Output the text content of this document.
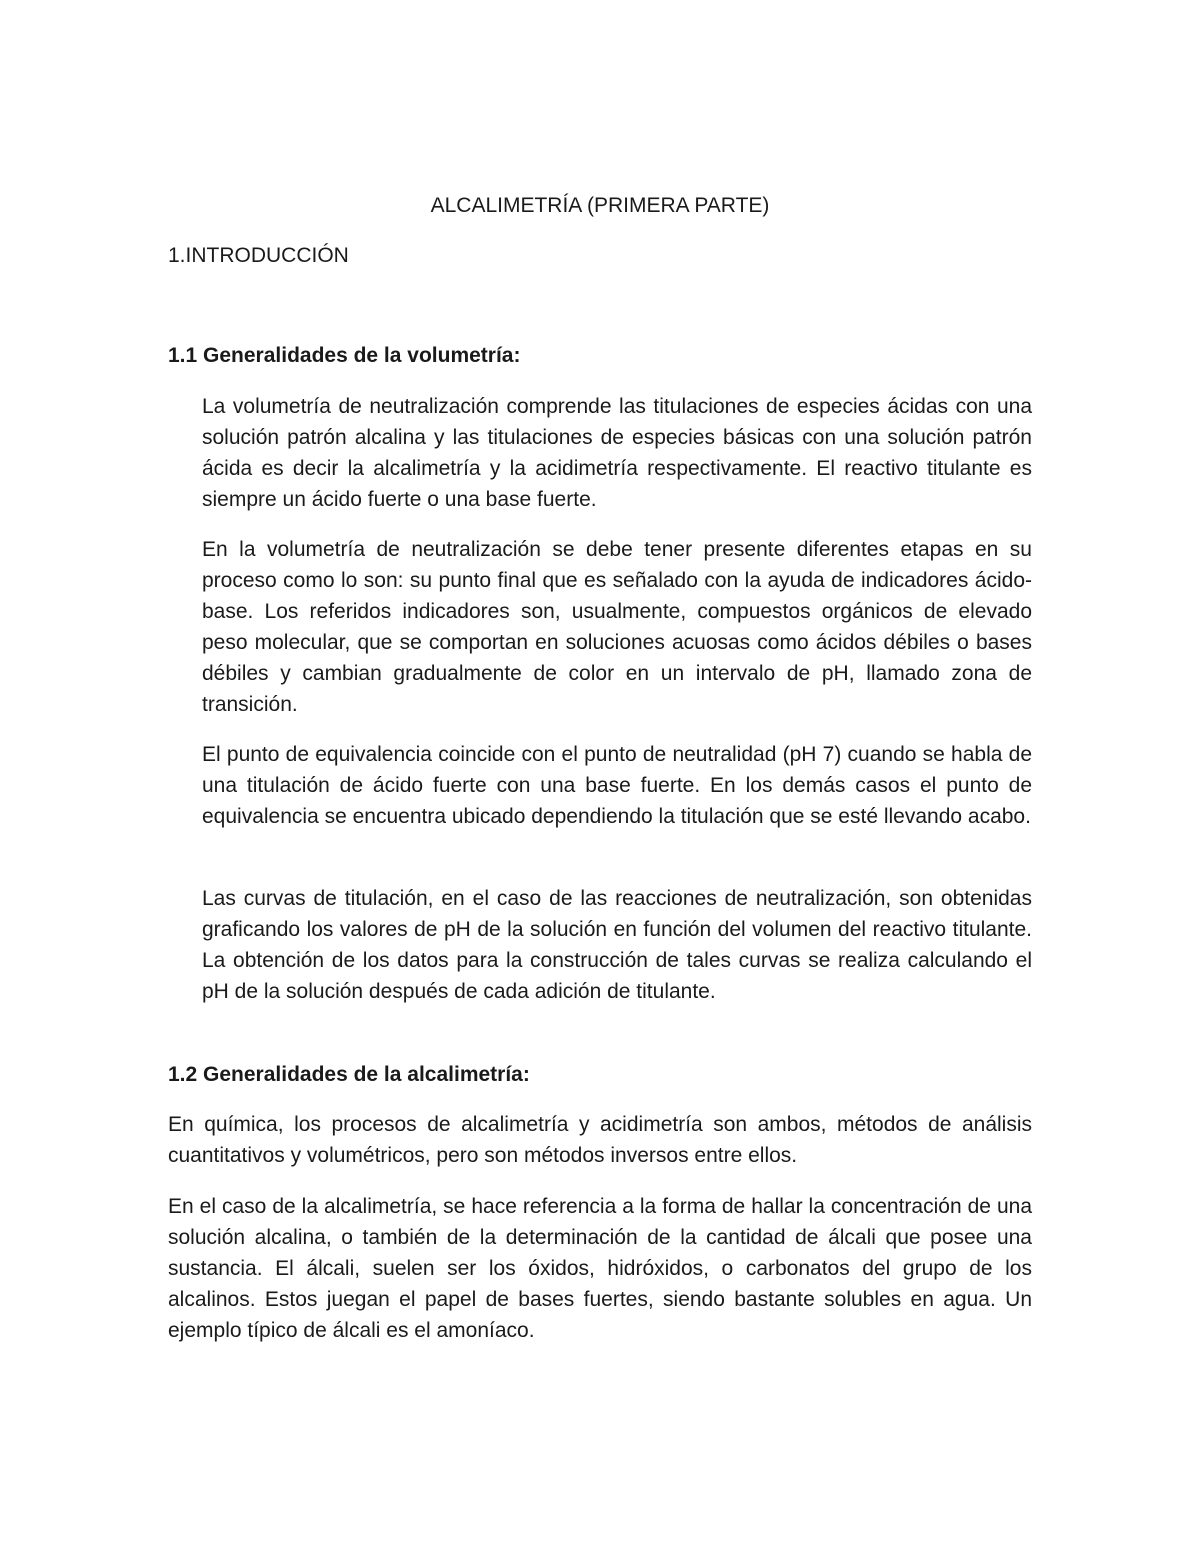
ALCALIMETRÍA (PRIMERA PARTE)
1.INTRODUCCIÓN
1.1 Generalidades de la volumetría:

La volumetría de neutralización comprende las titulaciones de especies ácidas con una solución patrón alcalina y las titulaciones de especies básicas con una solución patrón ácida es decir la alcalimetría y la acidimetría respectivamente. El reactivo titulante es siempre un ácido fuerte o una base fuerte.

En la volumetría de neutralización se debe tener presente diferentes etapas en su proceso como lo son: su punto final que es señalado con la ayuda de indicadores ácido-base. Los referidos indicadores son, usualmente, compuestos orgánicos de elevado peso molecular, que se comportan en soluciones acuosas como ácidos débiles o bases débiles y cambian gradualmente de color en un intervalo de pH, llamado zona de transición.

El punto de equivalencia coincide con el punto de neutralidad (pH 7) cuando se habla de una titulación de ácido fuerte con una base fuerte. En los demás casos el punto de equivalencia se encuentra ubicado dependiendo la titulación que se esté llevando acabo.

Las curvas de titulación, en el caso de las reacciones de neutralización, son obtenidas graficando los valores de pH de la solución en función del volumen del reactivo titulante. La obtención de los datos para la construcción de tales curvas se realiza calculando el pH de la solución después de cada adición de titulante.

1.2 Generalidades de la alcalimetría:

En química, los procesos de alcalimetría y acidimetría son ambos, métodos de análisis cuantitativos y volumétricos, pero son métodos inversos entre ellos.

En el caso de la alcalimetría, se hace referencia a la forma de hallar la concentración de una solución alcalina, o también de la determinación de la cantidad de álcali que posee una sustancia. El álcali, suelen ser los óxidos, hidróxidos, o carbonatos del grupo de los alcalinos. Estos juegan el papel de bases fuertes, siendo bastante solubles en agua. Un ejemplo típico de álcali es el amoníaco.
